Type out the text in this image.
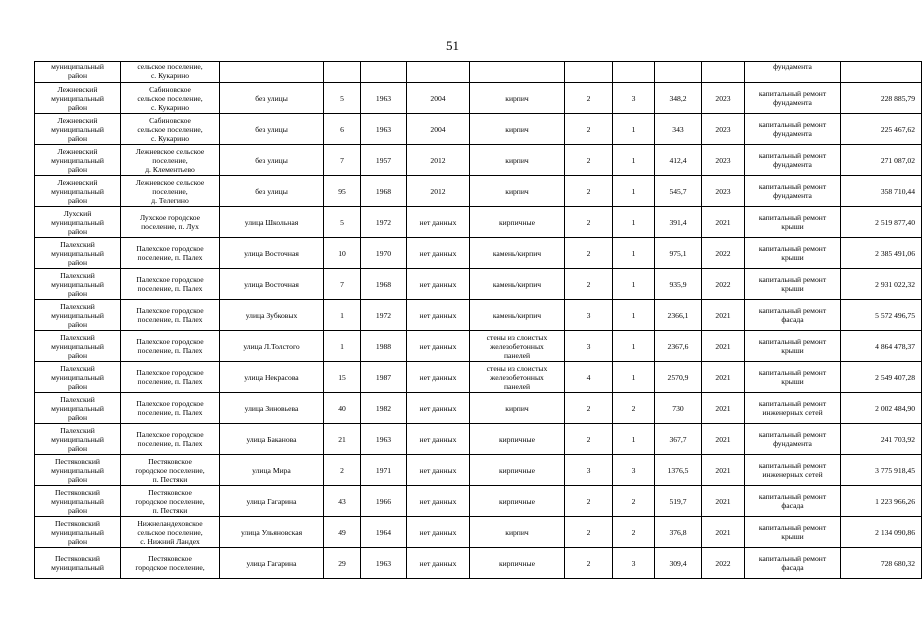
51
муниципальный
район	сельское поселение,
с. Кукарино										фундамента	
Лежневский
муниципальный
район	Сабиновское
сельское поселение,
с. Кукарино	без улицы	5	1963	2004	кирпич	2	3	348,2	2023	капитальный ремонт
фундамента	228 885,79
Лежневский
муниципальный
район	Сабиновское
сельское поселение,
с. Кукарино	без улицы	6	1963	2004	кирпич	2	1	343	2023	капитальный ремонт
фундамента	225 467,62
Лежневский
муниципальный
район	Лежневское сельское
поселение,
д. Клементьево	без улицы	7	1957	2012	кирпич	2	1	412,4	2023	капитальный ремонт
фундамента	271 087,02
Лежневский
муниципальный
район	Лежневское сельское
поселение,
д. Телегино	без улицы	95	1968	2012	кирпич	2	1	545,7	2023	капитальный ремонт
фундамента	358 710,44
Лухский
муниципальный
район	Лухское городское
поселение, п. Лух	улица Школьная	5	1972	нет данных	кирпичные	2	1	391,4	2021	капитальный ремонт
крыши	2 519 877,40
Палехский
муниципальный
район	Палехское городское
поселение, п. Палех	улица Восточная	10	1970	нет данных	камень/кирпич	2	1	975,1	2022	капитальный ремонт
крыши	2 385 491,06
Палехский
муниципальный
район	Палехское городское
поселение, п. Палех	улица Восточная	7	1968	нет данных	камень/кирпич	2	1	935,9	2022	капитальный ремонт
крыши	2 931 022,32
Палехский
муниципальный
район	Палехское городское
поселение, п. Палех	улица Зубковых	1	1972	нет данных	камень/кирпич	3	1	2366,1	2021	капитальный ремонт
фасада	5 572 496,75
Палехский
муниципальный
район	Палехское городское
поселение, п. Палех	улица Л.Толстого	1	1988	нет данных	стены из слоистых
железобетонных
панелей	3	1	2367,6	2021	капитальный ремонт
крыши	4 864 478,37
Палехский
муниципальный
район	Палехское городское
поселение, п. Палех	улица Некрасова	15	1987	нет данных	стены из слоистых
железобетонных
панелей	4	1	2570,9	2021	капитальный ремонт
крыши	2 549 407,28
Палехский
муниципальный
район	Палехское городское
поселение, п. Палех	улица Зиновьева	40	1982	нет данных	кирпич	2	2	730	2021	капитальный ремонт
инженерных сетей	2 002 484,90
Палехский
муниципальный
район	Палехское городское
поселение, п. Палех	улица Баканова	21	1963	нет данных	кирпичные	2	1	367,7	2021	капитальный ремонт
фундамента	241 703,92
Пестяковский
муниципальный
район	Пестяковское
городское поселение,
п. Пестяки	улица Мира	2	1971	нет данных	кирпичные	3	3	1376,5	2021	капитальный ремонт
инженерных сетей	3 775 918,45
Пестяковский
муниципальный
район	Пестяковское
городское поселение,
п. Пестяки	улица Гагарина	43	1966	нет данных	кирпичные	2	2	519,7	2021	капитальный ремонт
фасада	1 223 966,26
Пестяковский
муниципальный
район	Нижнеландеховское
сельское поселение,
с. Нижний Ландех	улица Ульяновская	49	1964	нет данных	кирпич	2	2	376,8	2021	капитальный ремонт
крыши	2 134 090,86
Пестяковский
муниципальный	Пестяковское
городское поселение,	улица Гагарина	29	1963	нет данных	кирпичные	2	3	309,4	2022	капитальный ремонт
фасада	728 680,32
